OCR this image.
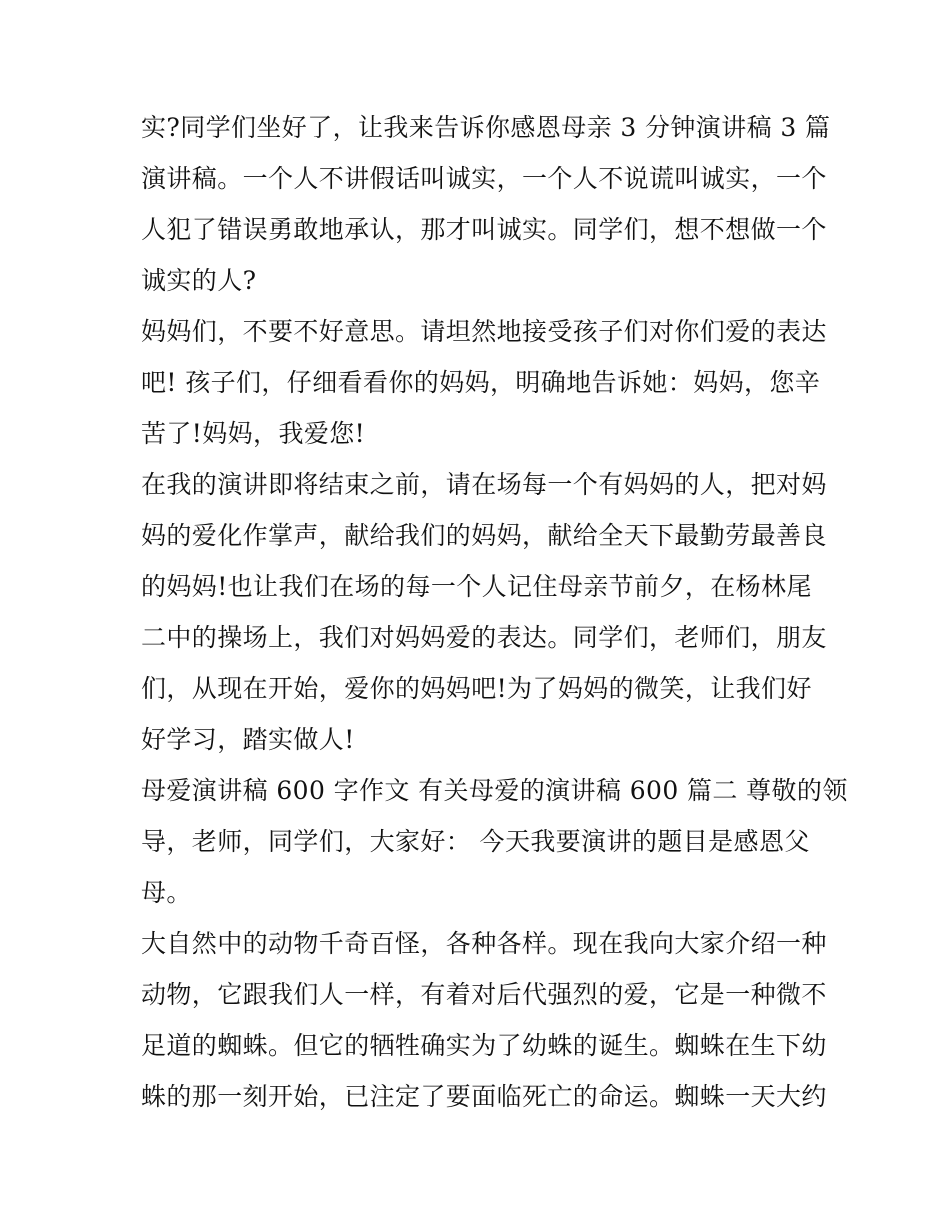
实?同学们坐好了，让我来告诉你感恩母亲 3 分钟演讲稿 3 篇
演讲稿。一个人不讲假话叫诚实，一个人不说谎叫诚实，一个
人犯了错误勇敢地承认，那才叫诚实。同学们，想不想做一个
诚实的人?
妈妈们，不要不好意思。请坦然地接受孩子们对你们爱的表达
吧! 孩子们，仔细看看你的妈妈，明确地告诉她：妈妈，您辛
苦了!妈妈，我爱您!
在我的演讲即将结束之前，请在场每一个有妈妈的人，把对妈
妈的爱化作掌声，献给我们的妈妈，献给全天下最勤劳最善良
的妈妈!也让我们在场的每一个人记住母亲节前夕，在杨林尾
二中的操场上，我们对妈妈爱的表达。同学们，老师们，朋友
们，从现在开始，爱你的妈妈吧!为了妈妈的微笑，让我们好
好学习，踏实做人!
母爱演讲稿 600 字作文 有关母爱的演讲稿 600 篇二 尊敬的领
导，老师，同学们，大家好： 今天我要演讲的题目是感恩父
母。
大自然中的动物千奇百怪，各种各样。现在我向大家介绍一种
动物，它跟我们人一样，有着对后代强烈的爱，它是一种微不
足道的蜘蛛。但它的牺牲确实为了幼蛛的诞生。蜘蛛在生下幼
蛛的那一刻开始，已注定了要面临死亡的命运。蜘蛛一天大约
